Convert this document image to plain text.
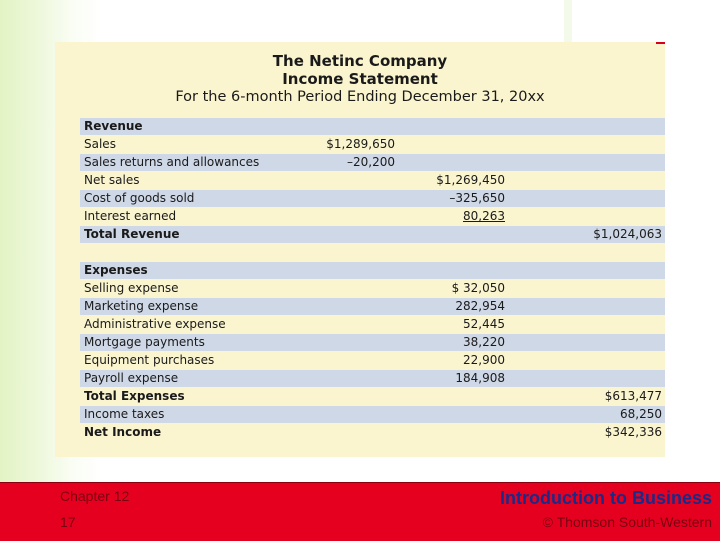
The Netinc Company
Income Statement
For the 6-month Period Ending December 31, 20xx
Revenue
Sales	$1,289,650
Sales returns and allowances	–20,200
Net sales	$1,269,450
Cost of goods sold	–325,650
Interest earned	80,263
Total Revenue	$1,024,063
Expenses
Selling expense	$ 32,050
Marketing expense	282,954
Administrative expense	52,445
Mortgage payments	38,220
Equipment purchases	22,900
Payroll expense	184,908
Total Expenses	$613,477
Income taxes	68,250
Net Income	$342,336
Chapter 12
17
Introduction to Business
© Thomson South-Western
